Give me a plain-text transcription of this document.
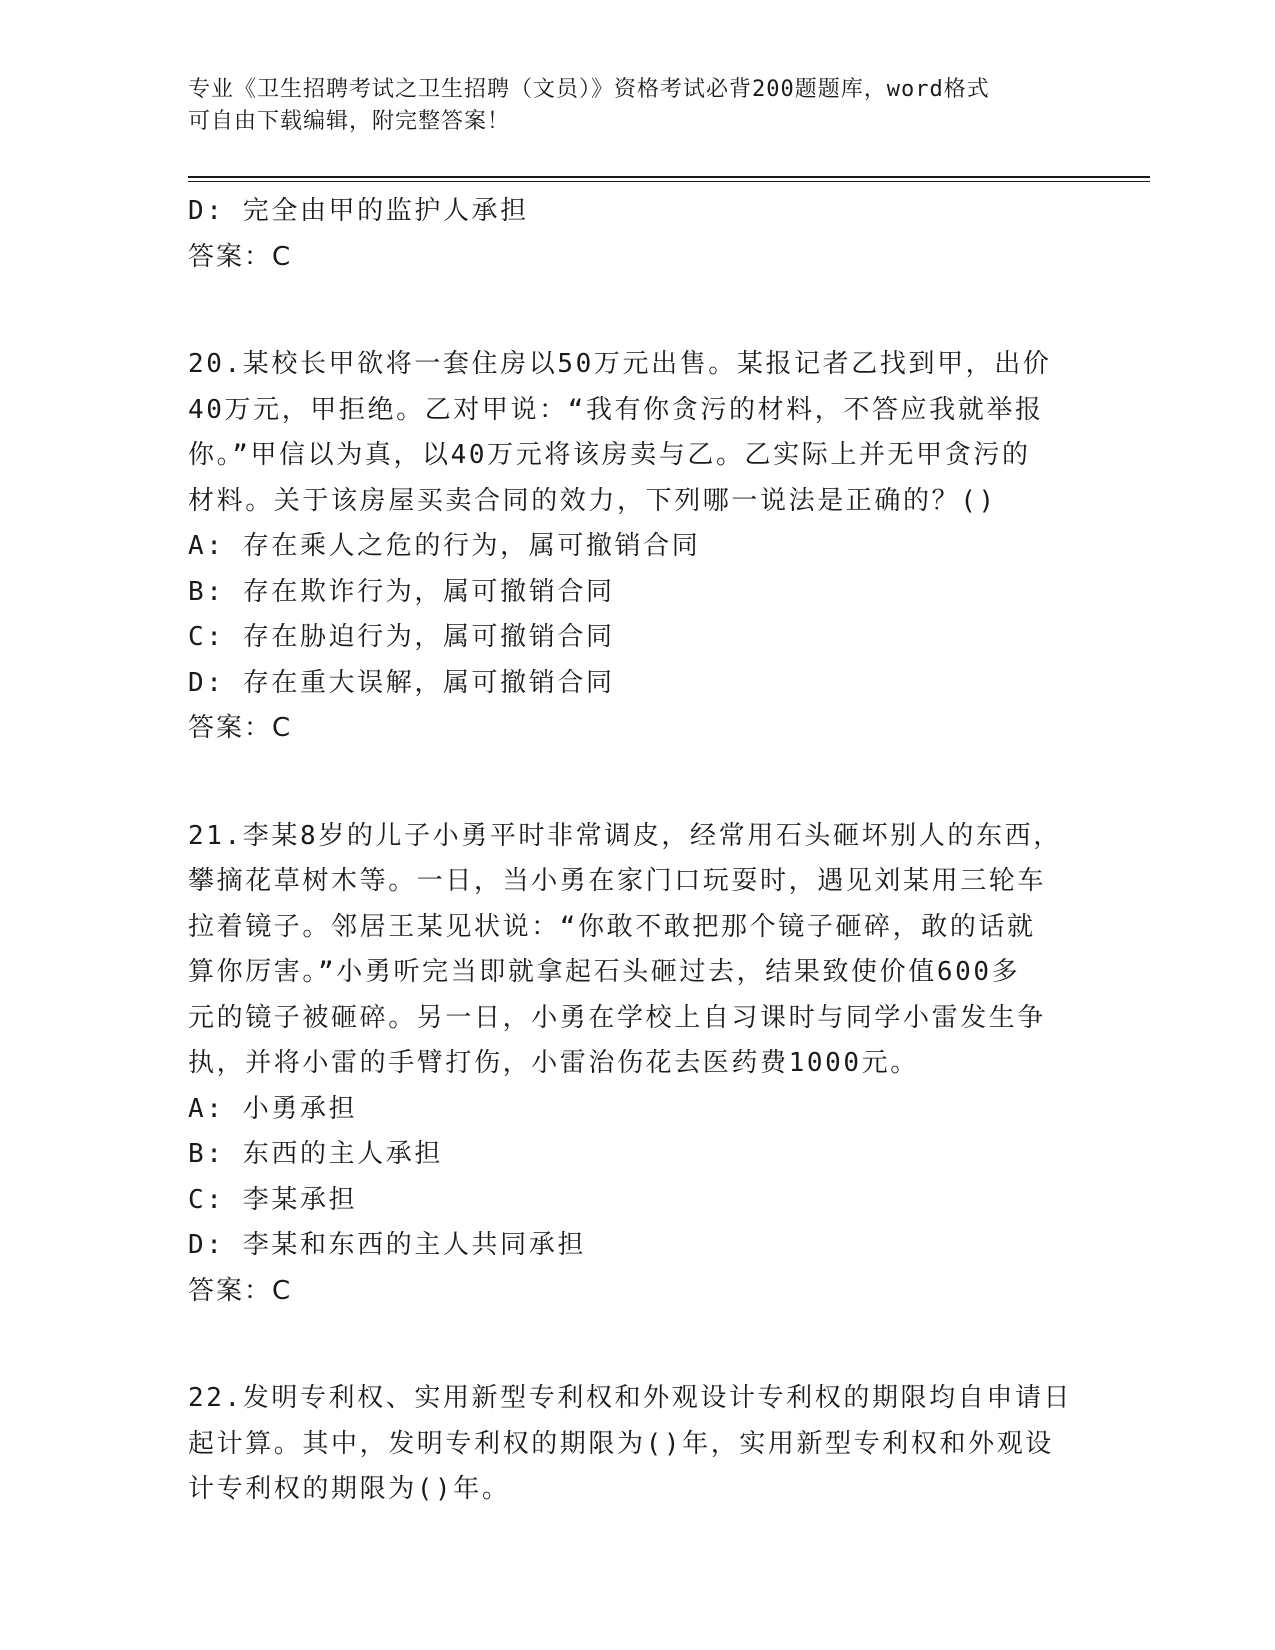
专业《卫生招聘考试之卫生招聘（文员）》资格考试必背200题题库，word格式
可自由下载编辑，附完整答案！
D: 完全由甲的监护人承担
答案：C
20.某校长甲欲将一套住房以50万元出售。某报记者乙找到甲，出价
40万元，甲拒绝。乙对甲说：“我有你贪污的材料，不答应我就举报
你。”甲信以为真，以40万元将该房卖与乙。乙实际上并无甲贪污的
材料。关于该房屋买卖合同的效力，下列哪一说法是正确的？()
A: 存在乘人之危的行为，属可撤销合同
B: 存在欺诈行为，属可撤销合同
C: 存在胁迫行为，属可撤销合同
D: 存在重大误解，属可撤销合同
答案：C
21.李某8岁的儿子小勇平时非常调皮，经常用石头砸坏别人的东西，
攀摘花草树木等。一日，当小勇在家门口玩耍时，遇见刘某用三轮车
拉着镜子。邻居王某见状说：“你敢不敢把那个镜子砸碎，敢的话就
算你厉害。”小勇听完当即就拿起石头砸过去，结果致使价值600多
元的镜子被砸碎。另一日，小勇在学校上自习课时与同学小雷发生争
执，并将小雷的手臂打伤，小雷治伤花去医药费1000元。
A: 小勇承担
B: 东西的主人承担
C: 李某承担
D: 李某和东西的主人共同承担
答案：C
22.发明专利权、实用新型专利权和外观设计专利权的期限均自申请日
起计算。其中，发明专利权的期限为()年，实用新型专利权和外观设
计专利权的期限为()年。
